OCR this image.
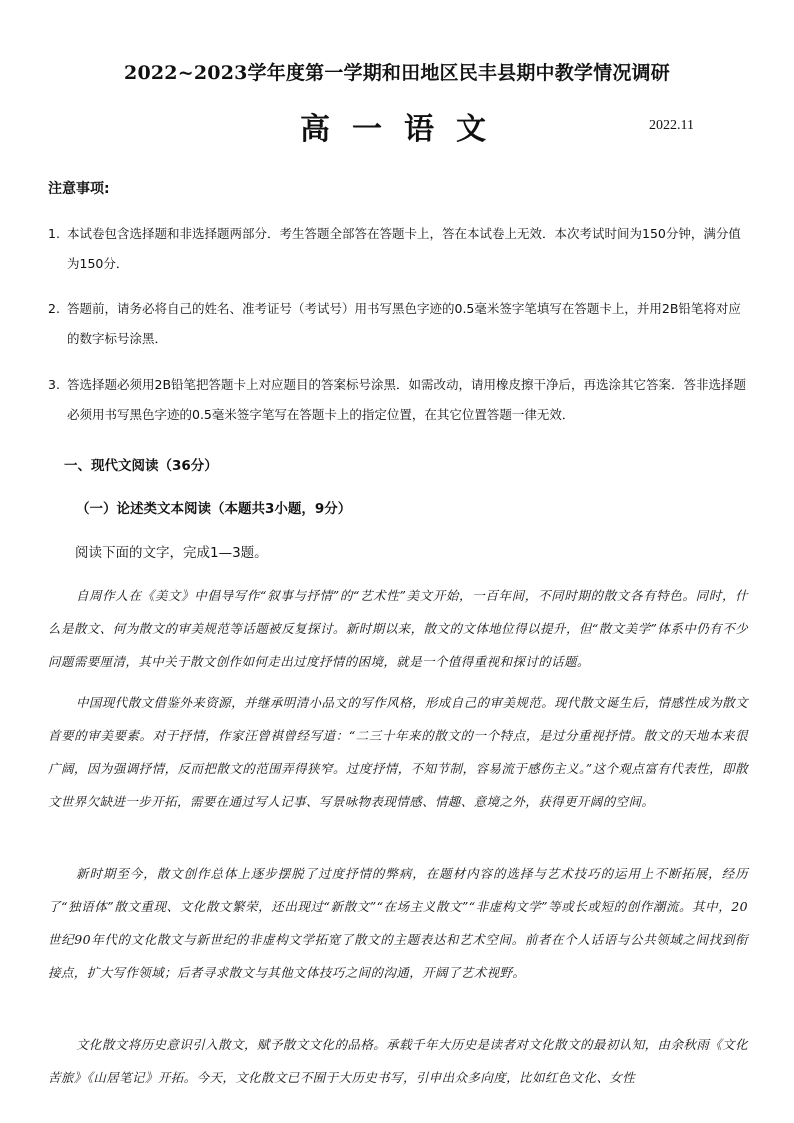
2022~2023学年度第一学期和田地区民丰县期中教学情况调研
高一语文	2022.11
注意事项:
1. 本试卷包含选择题和非选择题两部分．考生答题全部答在答题卡上，答在本试卷上无效．本次考试时间为150分钟，满分值为150分．
2. 答题前，请务必将自己的姓名、准考证号（考试号）用书写黑色字迹的0.5毫米签字笔填写在答题卡上，并用2B铅笔将对应的数字标号涂黑．
3. 答选择题必须用2B铅笔把答题卡上对应题目的答案标号涂黑．如需改动，请用橡皮擦干净后，再选涂其它答案．答非选择题必须用书写黑色字迹的0.5毫米签字笔写在答题卡上的指定位置，在其它位置答题一律无效．
一、现代文阅读（36分）
（一）论述类文本阅读（本题共3小题，9分）
阅读下面的文字，完成1—3题。
自周作人在《美文》中倡导写作“叙事与抒情”的“艺术性”美文开始，一百年间，不同时期的散文各有特色。同时，什么是散文、何为散文的审美规范等话题被反复探讨。新时期以来，散文的文体地位得以提升，但“散文美学”体系中仍有不少问题需要厘清，其中关于散文创作如何走出过度抒情的困境，就是一个值得重视和探讨的话题。
中国现代散文借鉴外来资源，并继承明清小品文的写作风格，形成自己的审美规范。现代散文诞生后，情感性成为散文首要的审美要素。对于抒情，作家汪曾祺曾经写道：“二三十年来的散文的一个特点，是过分重视抒情。散文的天地本来很广阔，因为强调抒情，反而把散文的范围弄得狭窄。过度抒情，不知节制，容易流于感伤主义。”这个观点富有代表性，即散文世界欠缺进一步开拓，需要在通过写人记事、写景咏物表现情感、情趣、意境之外，获得更开阔的空间。
新时期至今，散文创作总体上逐步摆脱了过度抒情的弊病，在题材内容的选择与艺术技巧的运用上不断拓展，经历了“独语体”散文重现、文化散文繁荣，还出现过“新散文”“在场主义散文”“非虚构文学”等或长或短的创作潮流。其中，20世纪90年代的文化散文与新世纪的非虚构文学拓宽了散文的主题表达和艺术空间。前者在个人话语与公共领域之间找到衔接点，扩大写作领域；后者寻求散文与其他文体技巧之间的沟通，开阔了艺术视野。
文化散文将历史意识引入散文，赋予散文文化的品格。承载千年大历史是读者对文化散文的最初认知，由余秋雨《文化苦旅》《山居笔记》开拓。今天，文化散文已不囿于大历史书写，引申出众多向度，比如红色文化、女性
